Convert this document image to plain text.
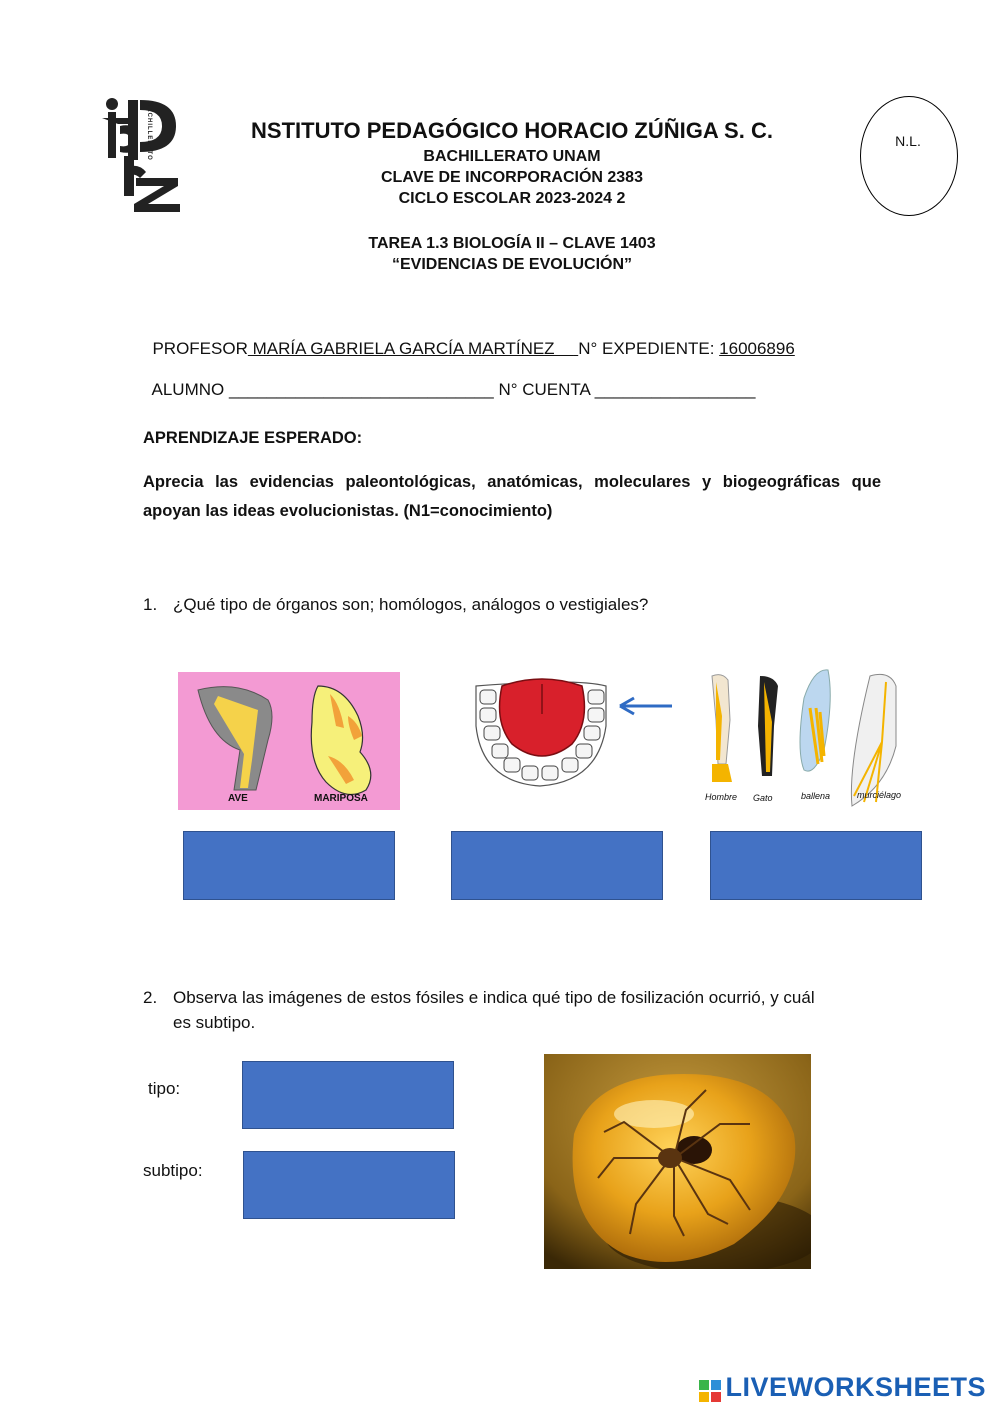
BACHILLERATO	NSTITUTO PEDAGÓGICO HORACIO ZÚÑIGA S. C.
BACHILLERATO UNAM
CLAVE DE INCORPORACIÓN 2383
CICLO ESCOLAR 2023-2024 2
N.L.
TAREA 1.3 BIOLOGÍA II – CLAVE 1403
“EVIDENCIAS DE EVOLUCIÓN”

PROFESOR MARÍA GABRIELA GARCÍA MARTÍNEZ     N° EXPEDIENTE: 16006896

ALUMNO ____________________________ N° CUENTA _________________

APRENDIZAJE ESPERADO:
Aprecia las evidencias paleontológicas, anatómicas, moleculares y biogeográficas que
apoyan las ideas evolucionistas. (N1=conocimiento)
1. ¿Qué tipo de órganos son; homólogos, análogos o vestigiales?
AVE	MARIPOSA	Hombre Gato	ballena	murciélago
2. Observa las imágenes de estos fósiles e indica qué tipo de fosilización ocurrió, y cuál
es subtipo.
tipo:
subtipo:
LIVEWORKSHEETS
